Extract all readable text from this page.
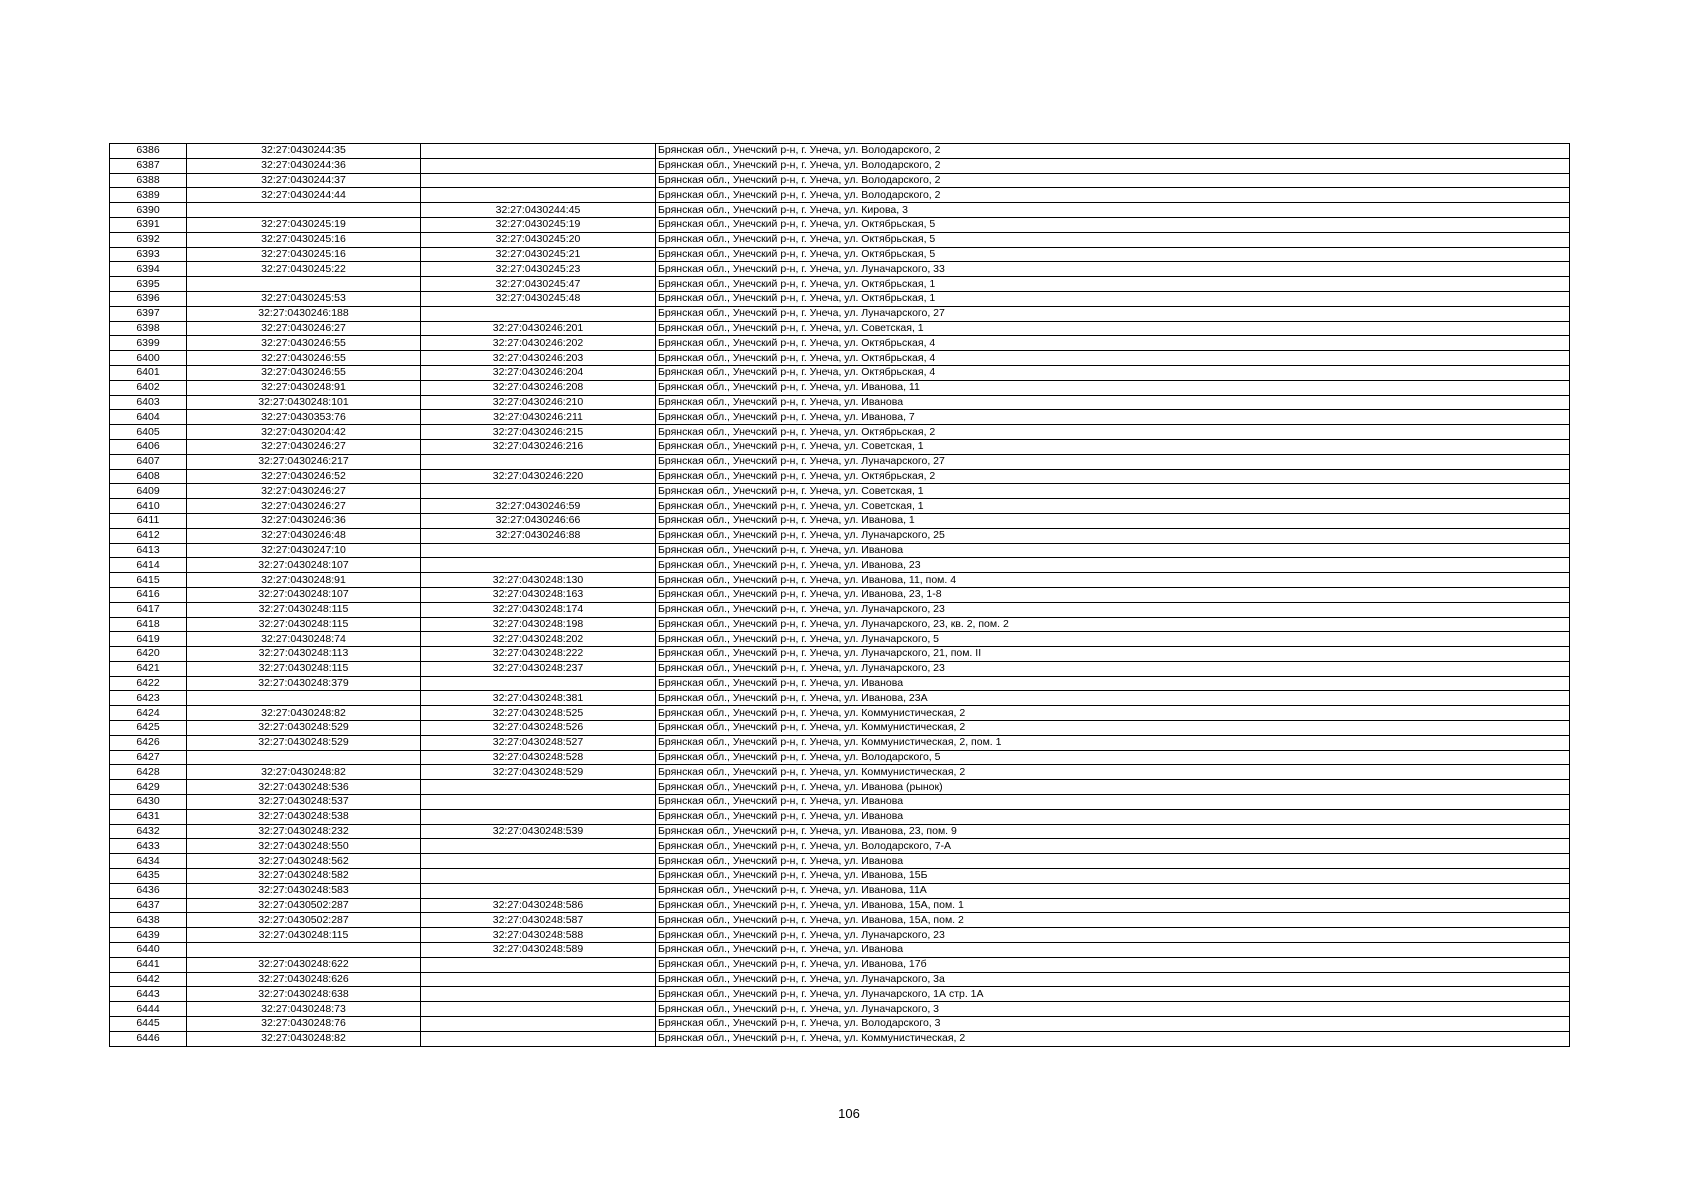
6386	32:27:0430244:35		Брянская обл., Унечский р-н, г. Унеча, ул. Володарского, 2
6387	32:27:0430244:36		Брянская обл., Унечский р-н, г. Унеча, ул. Володарского, 2
6388	32:27:0430244:37		Брянская обл., Унечский р-н, г. Унеча, ул. Володарского, 2
6389	32:27:0430244:44		Брянская обл., Унечский р-н, г. Унеча, ул. Володарского, 2
6390		32:27:0430244:45	Брянская обл., Унечский р-н, г. Унеча, ул. Кирова, 3
6391	32:27:0430245:19	32:27:0430245:19	Брянская обл., Унечский р-н, г. Унеча, ул. Октябрьская, 5
6392	32:27:0430245:16	32:27:0430245:20	Брянская обл., Унечский р-н, г. Унеча, ул. Октябрьская, 5
6393	32:27:0430245:16	32:27:0430245:21	Брянская обл., Унечский р-н, г. Унеча, ул. Октябрьская, 5
6394	32:27:0430245:22	32:27:0430245:23	Брянская обл., Унечский р-н, г. Унеча, ул. Луначарского, 33
6395		32:27:0430245:47	Брянская обл., Унечский р-н, г. Унеча, ул. Октябрьская, 1
6396	32:27:0430245:53	32:27:0430245:48	Брянская обл., Унечский р-н, г. Унеча, ул. Октябрьская, 1
6397	32:27:0430246:188		Брянская обл., Унечский р-н, г. Унеча, ул. Луначарского, 27
6398	32:27:0430246:27	32:27:0430246:201	Брянская обл., Унечский р-н, г. Унеча, ул. Советская, 1
6399	32:27:0430246:55	32:27:0430246:202	Брянская обл., Унечский р-н, г. Унеча, ул. Октябрьская, 4
6400	32:27:0430246:55	32:27:0430246:203	Брянская обл., Унечский р-н, г. Унеча, ул. Октябрьская, 4
6401	32:27:0430246:55	32:27:0430246:204	Брянская обл., Унечский р-н, г. Унеча, ул. Октябрьская, 4
6402	32:27:0430248:91	32:27:0430246:208	Брянская обл., Унечский р-н, г. Унеча, ул. Иванова, 11
6403	32:27:0430248:101	32:27:0430246:210	Брянская обл., Унечский р-н, г. Унеча, ул. Иванова
6404	32:27:0430353:76	32:27:0430246:211	Брянская обл., Унечский р-н, г. Унеча, ул. Иванова, 7
6405	32:27:0430204:42	32:27:0430246:215	Брянская обл., Унечский р-н, г. Унеча, ул. Октябрьская, 2
6406	32:27:0430246:27	32:27:0430246:216	Брянская обл., Унечский р-н, г. Унеча, ул. Советская, 1
6407	32:27:0430246:217		Брянская обл., Унечский р-н, г. Унеча, ул. Луначарского, 27
6408	32:27:0430246:52	32:27:0430246:220	Брянская обл., Унечский р-н, г. Унеча, ул. Октябрьская, 2
6409	32:27:0430246:27		Брянская обл., Унечский р-н, г. Унеча, ул. Советская, 1
6410	32:27:0430246:27	32:27:0430246:59	Брянская обл., Унечский р-н, г. Унеча, ул. Советская, 1
6411	32:27:0430246:36	32:27:0430246:66	Брянская обл., Унечский р-н, г. Унеча, ул. Иванова, 1
6412	32:27:0430246:48	32:27:0430246:88	Брянская обл., Унечский р-н, г. Унеча, ул. Луначарского, 25
6413	32:27:0430247:10		Брянская обл., Унечский р-н, г. Унеча, ул. Иванова
6414	32:27:0430248:107		Брянская обл., Унечский р-н, г. Унеча, ул. Иванова, 23
6415	32:27:0430248:91	32:27:0430248:130	Брянская обл., Унечский р-н, г. Унеча, ул. Иванова, 11, пом. 4
6416	32:27:0430248:107	32:27:0430248:163	Брянская обл., Унечский р-н, г. Унеча, ул. Иванова, 23, 1-8
6417	32:27:0430248:115	32:27:0430248:174	Брянская обл., Унечский р-н, г. Унеча, ул. Луначарского, 23
6418	32:27:0430248:115	32:27:0430248:198	Брянская обл., Унечский р-н, г. Унеча, ул. Луначарского, 23, кв. 2, пом. 2
6419	32:27:0430248:74	32:27:0430248:202	Брянская обл., Унечский р-н, г. Унеча, ул. Луначарского, 5
6420	32:27:0430248:113	32:27:0430248:222	Брянская обл., Унечский р-н, г. Унеча, ул. Луначарского, 21, пом. II
6421	32:27:0430248:115	32:27:0430248:237	Брянская обл., Унечский р-н, г. Унеча, ул. Луначарского, 23
6422	32:27:0430248:379		Брянская обл., Унечский р-н, г. Унеча, ул. Иванова
6423		32:27:0430248:381	Брянская обл., Унечский р-н, г. Унеча, ул. Иванова, 23А
6424	32:27:0430248:82	32:27:0430248:525	Брянская обл., Унечский р-н, г. Унеча, ул. Коммунистическая, 2
6425	32:27:0430248:529	32:27:0430248:526	Брянская обл., Унечский р-н, г. Унеча, ул. Коммунистическая, 2
6426	32:27:0430248:529	32:27:0430248:527	Брянская обл., Унечский р-н, г. Унеча, ул. Коммунистическая, 2, пом. 1
6427		32:27:0430248:528	Брянская обл., Унечский р-н, г. Унеча, ул. Володарского, 5
6428	32:27:0430248:82	32:27:0430248:529	Брянская обл., Унечский р-н, г. Унеча, ул. Коммунистическая, 2
6429	32:27:0430248:536		Брянская обл., Унечский р-н, г. Унеча, ул. Иванова (рынок)
6430	32:27:0430248:537		Брянская обл., Унечский р-н, г. Унеча, ул. Иванова
6431	32:27:0430248:538		Брянская обл., Унечский р-н, г. Унеча, ул. Иванова
6432	32:27:0430248:232	32:27:0430248:539	Брянская обл., Унечский р-н, г. Унеча, ул. Иванова, 23, пом. 9
6433	32:27:0430248:550		Брянская обл., Унечский р-н, г. Унеча, ул. Володарского, 7-А
6434	32:27:0430248:562		Брянская обл., Унечский р-н, г. Унеча, ул. Иванова
6435	32:27:0430248:582		Брянская обл., Унечский р-н, г. Унеча, ул. Иванова, 15Б
6436	32:27:0430248:583		Брянская обл., Унечский р-н, г. Унеча, ул. Иванова, 11А
6437	32:27:0430502:287	32:27:0430248:586	Брянская обл., Унечский р-н, г. Унеча, ул. Иванова, 15А, пом. 1
6438	32:27:0430502:287	32:27:0430248:587	Брянская обл., Унечский р-н, г. Унеча, ул. Иванова, 15А, пом. 2
6439	32:27:0430248:115	32:27:0430248:588	Брянская обл., Унечский р-н, г. Унеча, ул. Луначарского, 23
6440		32:27:0430248:589	Брянская обл., Унечский р-н, г. Унеча, ул. Иванова
6441	32:27:0430248:622		Брянская обл., Унечский р-н, г. Унеча, ул. Иванова, 17б
6442	32:27:0430248:626		Брянская обл., Унечский р-н, г. Унеча, ул. Луначарского, 3а
6443	32:27:0430248:638		Брянская обл., Унечский р-н, г. Унеча, ул. Луначарского, 1А стр. 1А
6444	32:27:0430248:73		Брянская обл., Унечский р-н, г. Унеча, ул. Луначарского, 3
6445	32:27:0430248:76		Брянская обл., Унечский р-н, г. Унеча, ул. Володарского, 3
6446	32:27:0430248:82		Брянская обл., Унечский р-н, г. Унеча, ул. Коммунистическая, 2
106
